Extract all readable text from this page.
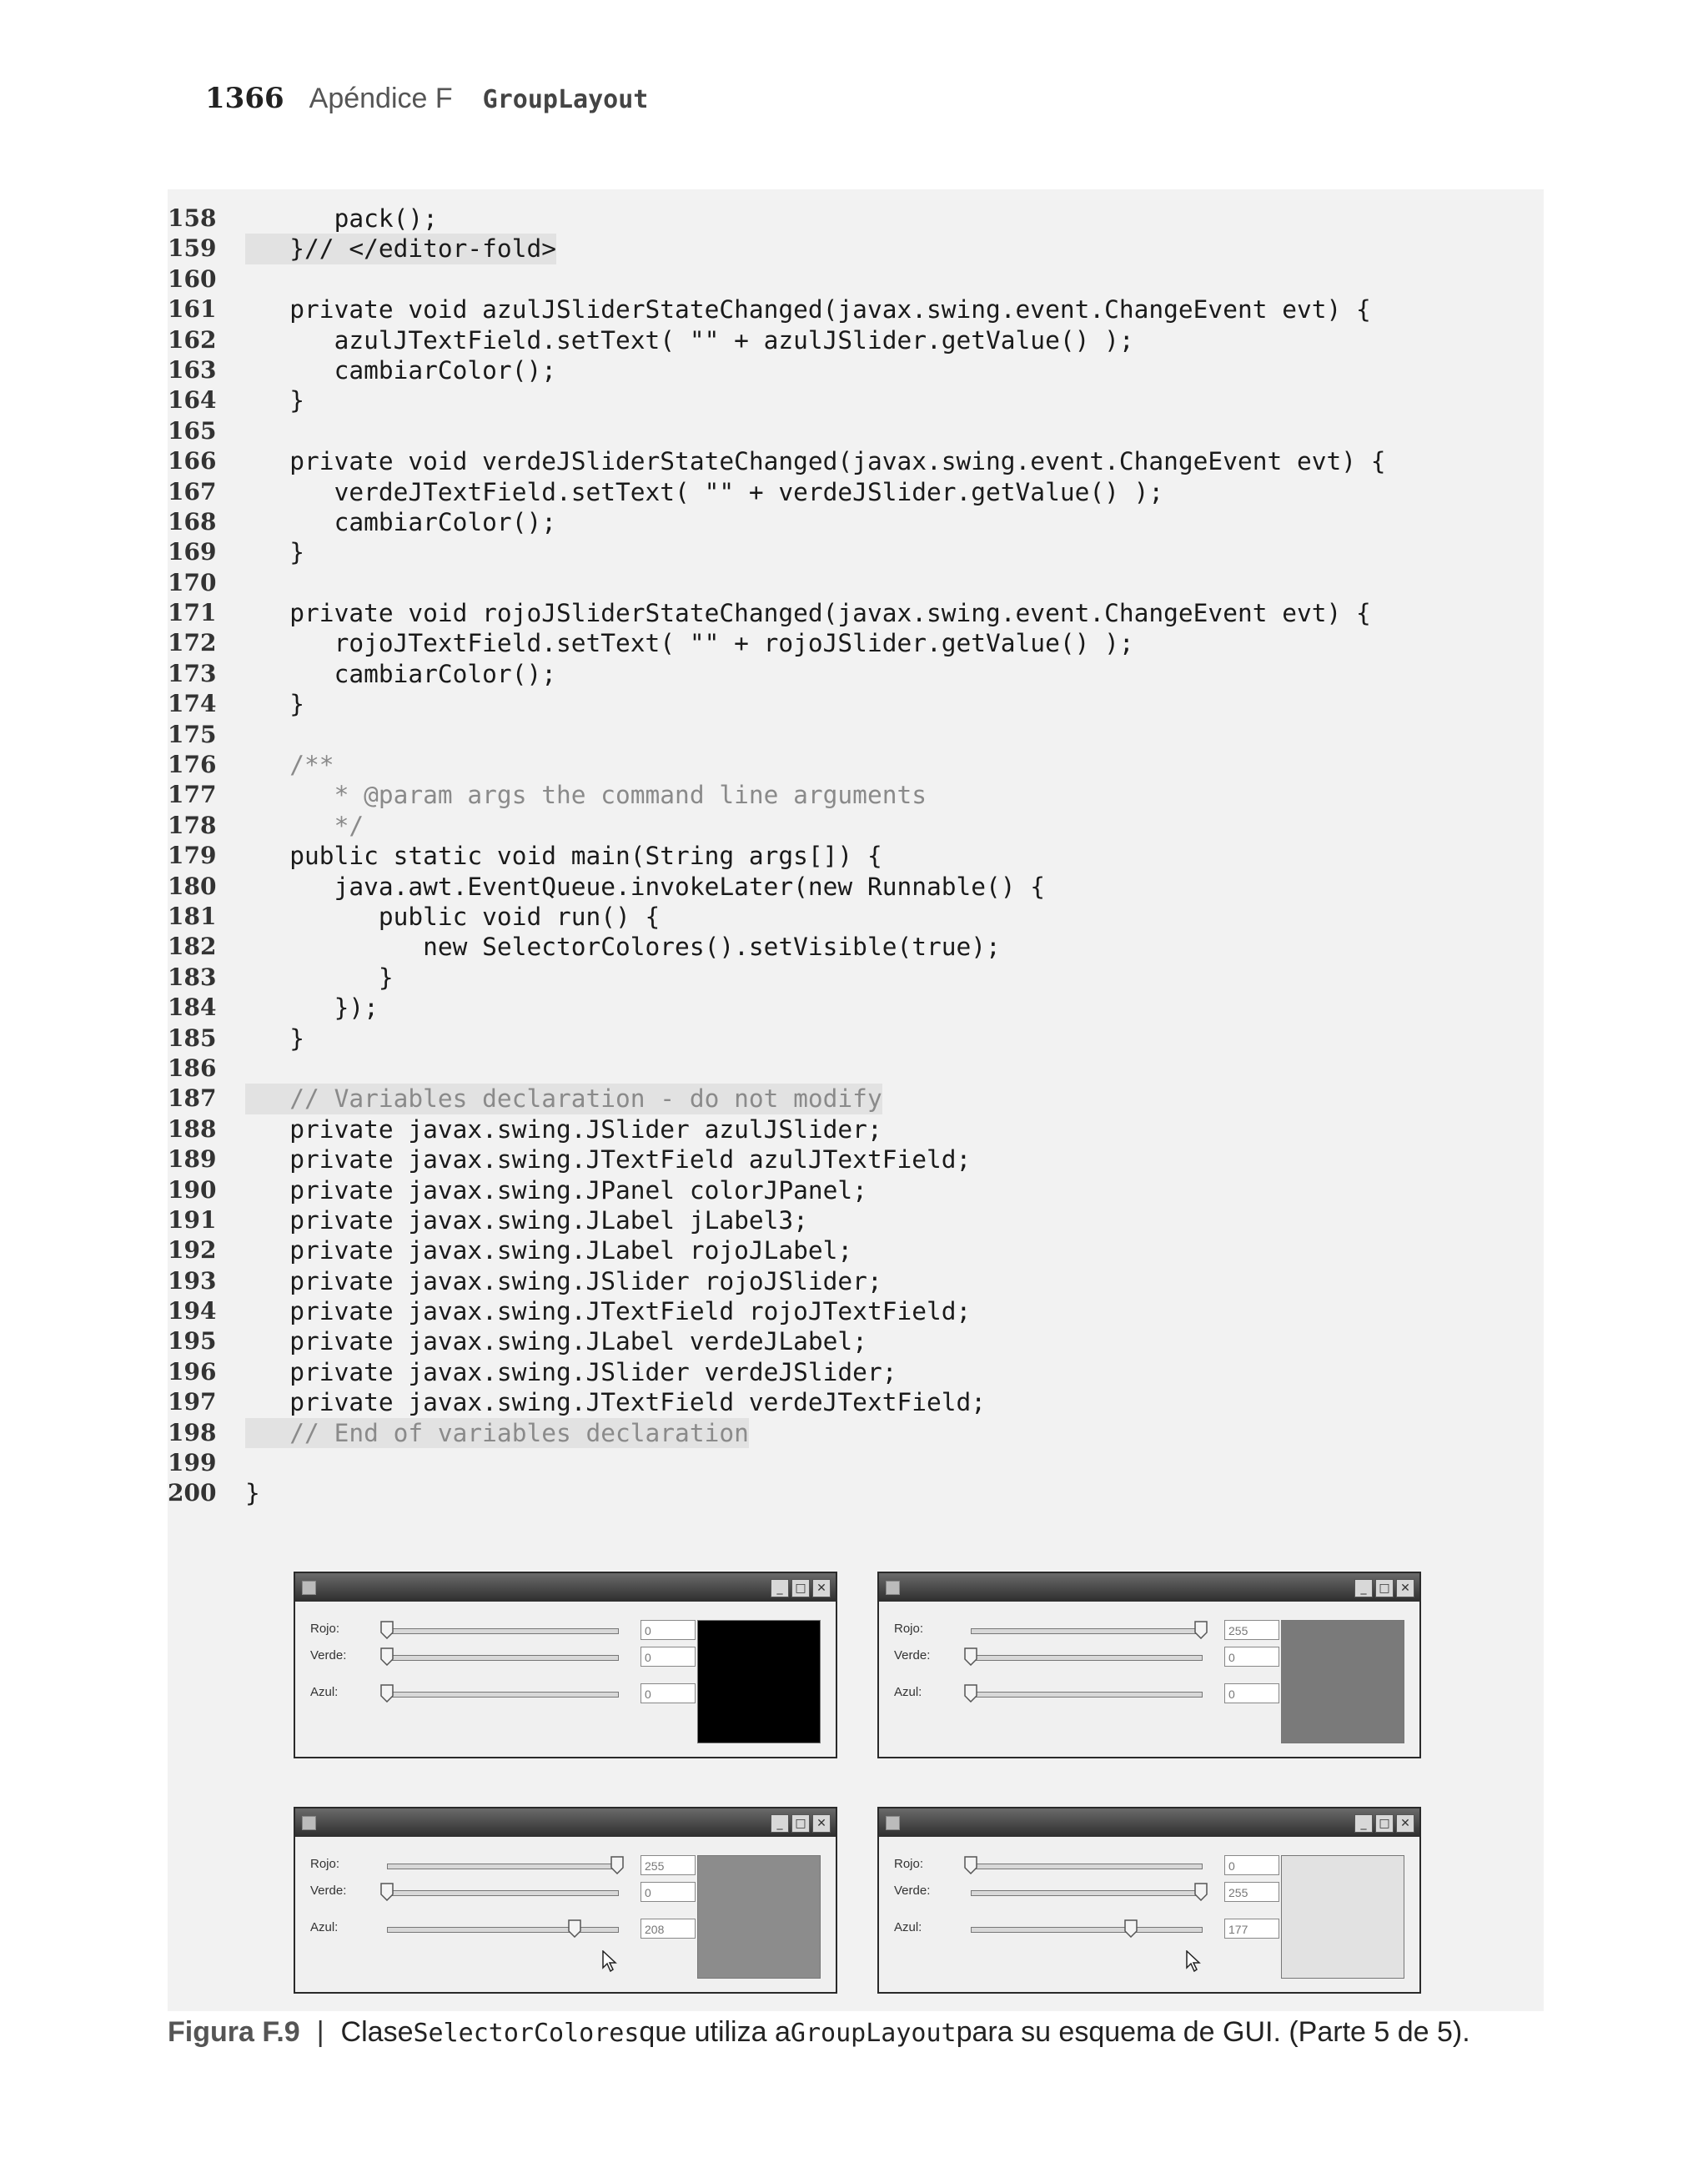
1366 Apéndice F GroupLayout
158 pack();
159 }// </editor-fold>
160
161 private void azulJSliderStateChanged(javax.swing.event.ChangeEvent evt) {
162 azulJTextField.setText( "" + azulJSlider.getValue() );
163 cambiarColor();
164 }
165
166 private void verdeJSliderStateChanged(javax.swing.event.ChangeEvent evt) {
167 verdeJTextField.setText( "" + verdeJSlider.getValue() );
168 cambiarColor();
169 }
170
171 private void rojoJSliderStateChanged(javax.swing.event.ChangeEvent evt) {
172 rojoJTextField.setText( "" + rojoJSlider.getValue() );
173 cambiarColor();
174 }
175
176 /**
177 * @param args the command line arguments
178 */
179 public static void main(String args[]) {
180 java.awt.EventQueue.invokeLater(new Runnable() {
181 public void run() {
182 new SelectorColores().setVisible(true);
183 }
184 });
185 }
186
187 // Variables declaration - do not modify
188 private javax.swing.JSlider azulJSlider;
189 private javax.swing.JTextField azulJTextField;
190 private javax.swing.JPanel colorJPanel;
191 private javax.swing.JLabel jLabel3;
192 private javax.swing.JLabel rojoJLabel;
193 private javax.swing.JSlider rojoJSlider;
194 private javax.swing.JTextField rojoJTextField;
195 private javax.swing.JLabel verdeJLabel;
196 private javax.swing.JSlider verdeJSlider;
197 private javax.swing.JTextField verdeJTextField;
198 // End of variables declaration
199
200 }
_	□ ✕
Rojo:	0
Verde:	0
Azul:	0
_	□ ✕
Rojo:	255
Verde:	0
Azul:	0
_	□ ✕
Rojo:	255
Verde:	0
Azul:	208
_	□ ✕
Rojo:	0
Verde:	255
Azul:	177
Figura F.9 | Clase SelectorColores que utiliza a GroupLayout para su esquema de GUI. (Parte 5 de 5).
